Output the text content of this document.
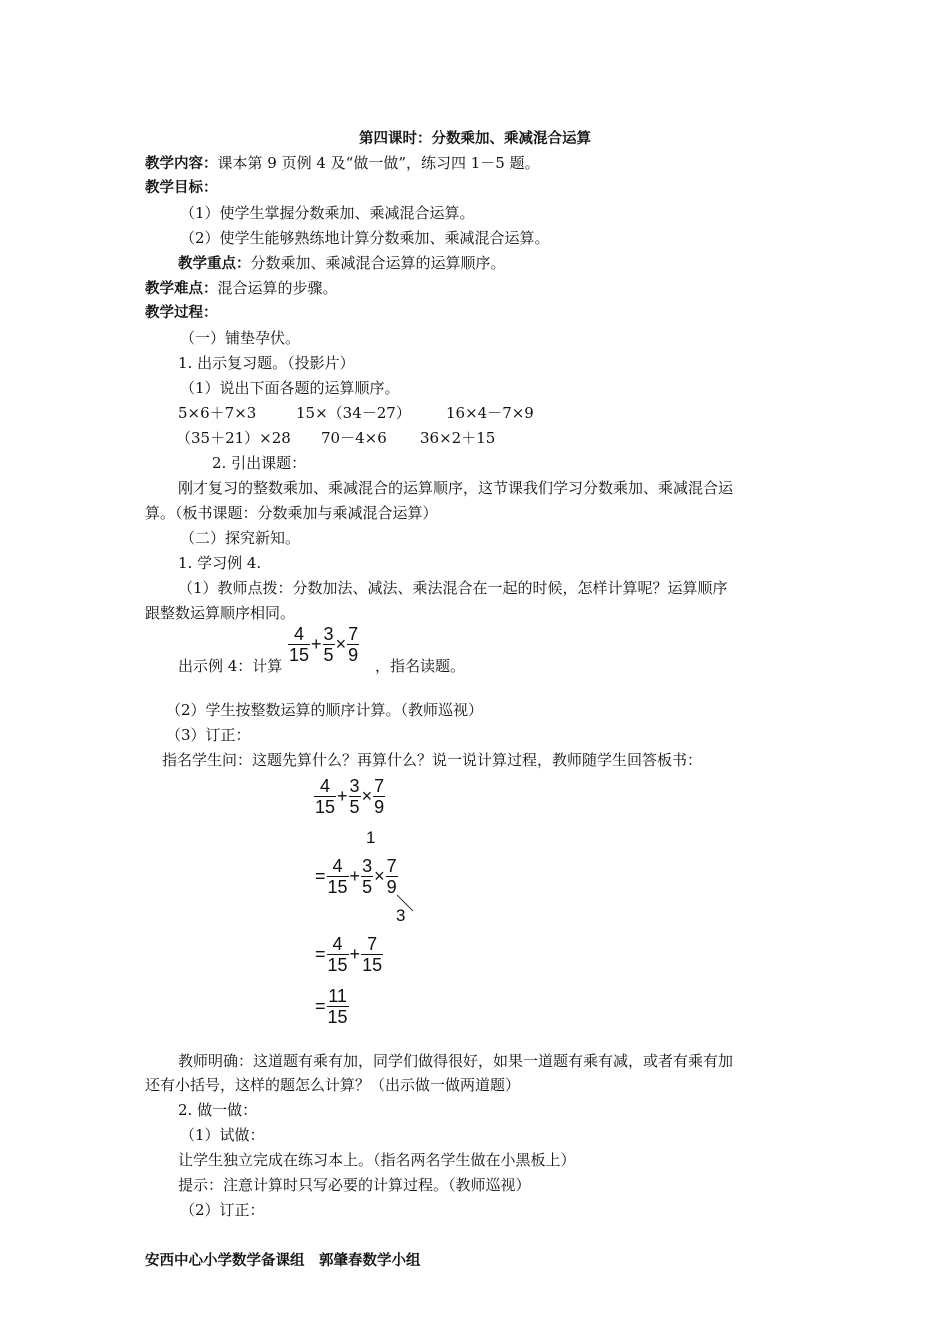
第四课时：分数乘加、乘减混合运算
教学内容：课本第 9 页例 4 及“做一做”，练习四 1－5 题。
教学目标：
（1）使学生掌握分数乘加、乘减混合运算。
（2）使学生能够熟练地计算分数乘加、乘减混合运算。
教学重点：分数乘加、乘减混合运算的运算顺序。
教学难点：混合运算的步骤。
教学过程：
（一）铺垫孕伏。
1. 出示复习题。（投影片）
（1）说出下面各题的运算顺序。
5×6＋7×3	15×（34－27） 16×4－7×9
（35＋21）×28 70－4×6 36×2＋15
2. 引出课题：
刚才复习的整数乘加、乘减混合的运算顺序，这节课我们学习分数乘加、乘减混合运
算。（板书课题：分数乘加与乘减混合运算）
（二）探究新知。
1. 学习例 4.
（1）教师点拨：分数加法、减法、乘法混合在一起的时候，怎样计算呢？运算顺序
跟整数运算顺序相同。
出示例 4：计算
$\frac{4}{15} + \frac{3}{5} \times \frac{7}{9}$
，指名读题。
（2）学生按整数运算的顺序计算。（教师巡视）
（3）订正：
指名学生问：这题先算什么？再算什么？说一说计算过程，教师随学生回答板书：
$\frac{4}{15} + \frac{3}{5} \times \frac{7}{9}$
1
= $\frac{4}{15} + \frac{3}{5} \times \frac{7}{9}$
3
= $\frac{4}{15} + \frac{7}{15}$
= $\frac{11}{15}$
教师明确：这道题有乘有加，同学们做得很好，如果一道题有乘有减，或者有乘有加
还有小括号，这样的题怎么计算？（出示做一做两道题）
2. 做一做：
（1）试做：
让学生独立完成在练习本上。（指名两名学生做在小黑板上）
提示：注意计算时只写必要的计算过程。（教师巡视）
（2）订正：
安西中心小学数学备课组　郭肇春数学小组
